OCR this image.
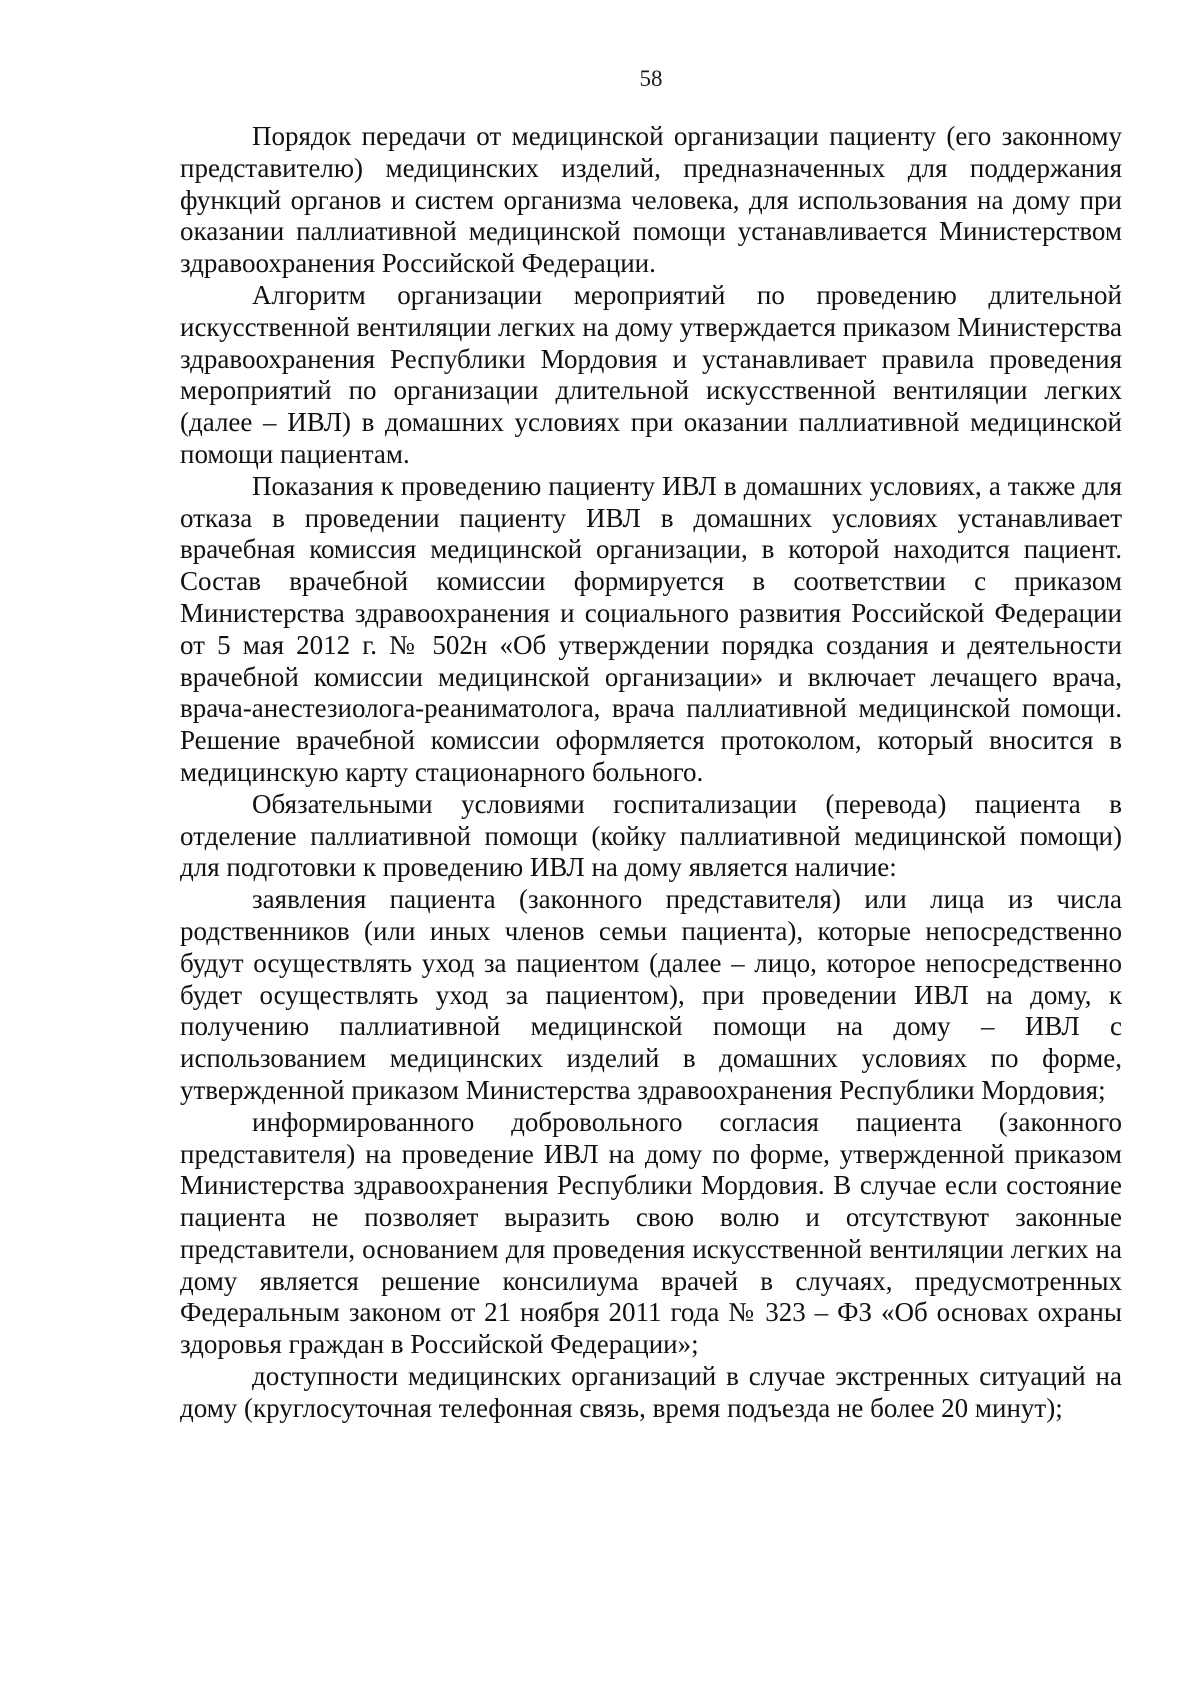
58

Порядок передачи от медицинской организации пациенту (его законному представителю) медицинских изделий, предназначенных для поддержания функций органов и систем организма человека, для использования на дому при оказании паллиативной медицинской помощи устанавливается Министерством здравоохранения Российской Федерации.

Алгоритм организации мероприятий по проведению длительной искусственной вентиляции легких на дому утверждается приказом Министерства здравоохранения Республики Мордовия и устанавливает правила проведения мероприятий по организации длительной искусственной вентиляции легких (далее – ИВЛ) в домашних условиях при оказании паллиативной медицинской помощи пациентам.

Показания к проведению пациенту ИВЛ в домашних условиях, а также для отказа в проведении пациенту ИВЛ в домашних условиях устанавливает врачебная комиссия медицинской организации, в которой находится пациент. Состав врачебной комиссии формируется в соответствии с приказом Министерства здравоохранения и социального развития Российской Федерации от 5 мая 2012 г. № 502н «Об утверждении порядка создания и деятельности врачебной комиссии медицинской организации» и включает лечащего врача, врача-анестезиолога-реаниматолога, врача паллиативной медицинской помощи. Решение врачебной комиссии оформляется протоколом, который вносится в медицинскую карту стационарного больного.

Обязательными условиями госпитализации (перевода) пациента в отделение паллиативной помощи (койку паллиативной медицинской помощи) для подготовки к проведению ИВЛ на дому является наличие:

заявления пациента (законного представителя) или лица из числа родственников (или иных членов семьи пациента), которые непосредственно будут осуществлять уход за пациентом (далее – лицо, которое непосредственно будет осуществлять уход за пациентом), при проведении ИВЛ на дому, к получению паллиативной медицинской помощи на дому – ИВЛ с использованием медицинских изделий в домашних условиях по форме, утвержденной приказом Министерства здравоохранения Республики Мордовия;

информированного добровольного согласия пациента (законного представителя) на проведение ИВЛ на дому по форме, утвержденной приказом Министерства здравоохранения Республики Мордовия. В случае если состояние пациента не позволяет выразить свою волю и отсутствуют законные представители, основанием для проведения искусственной вентиляции легких на дому является решение консилиума врачей в случаях, предусмотренных Федеральным законом от 21 ноября 2011 года № 323 – ФЗ «Об основах охраны здоровья граждан в Российской Федерации»;

доступности медицинских организаций в случае экстренных ситуаций на дому (круглосуточная телефонная связь, время подъезда не более 20 минут);
